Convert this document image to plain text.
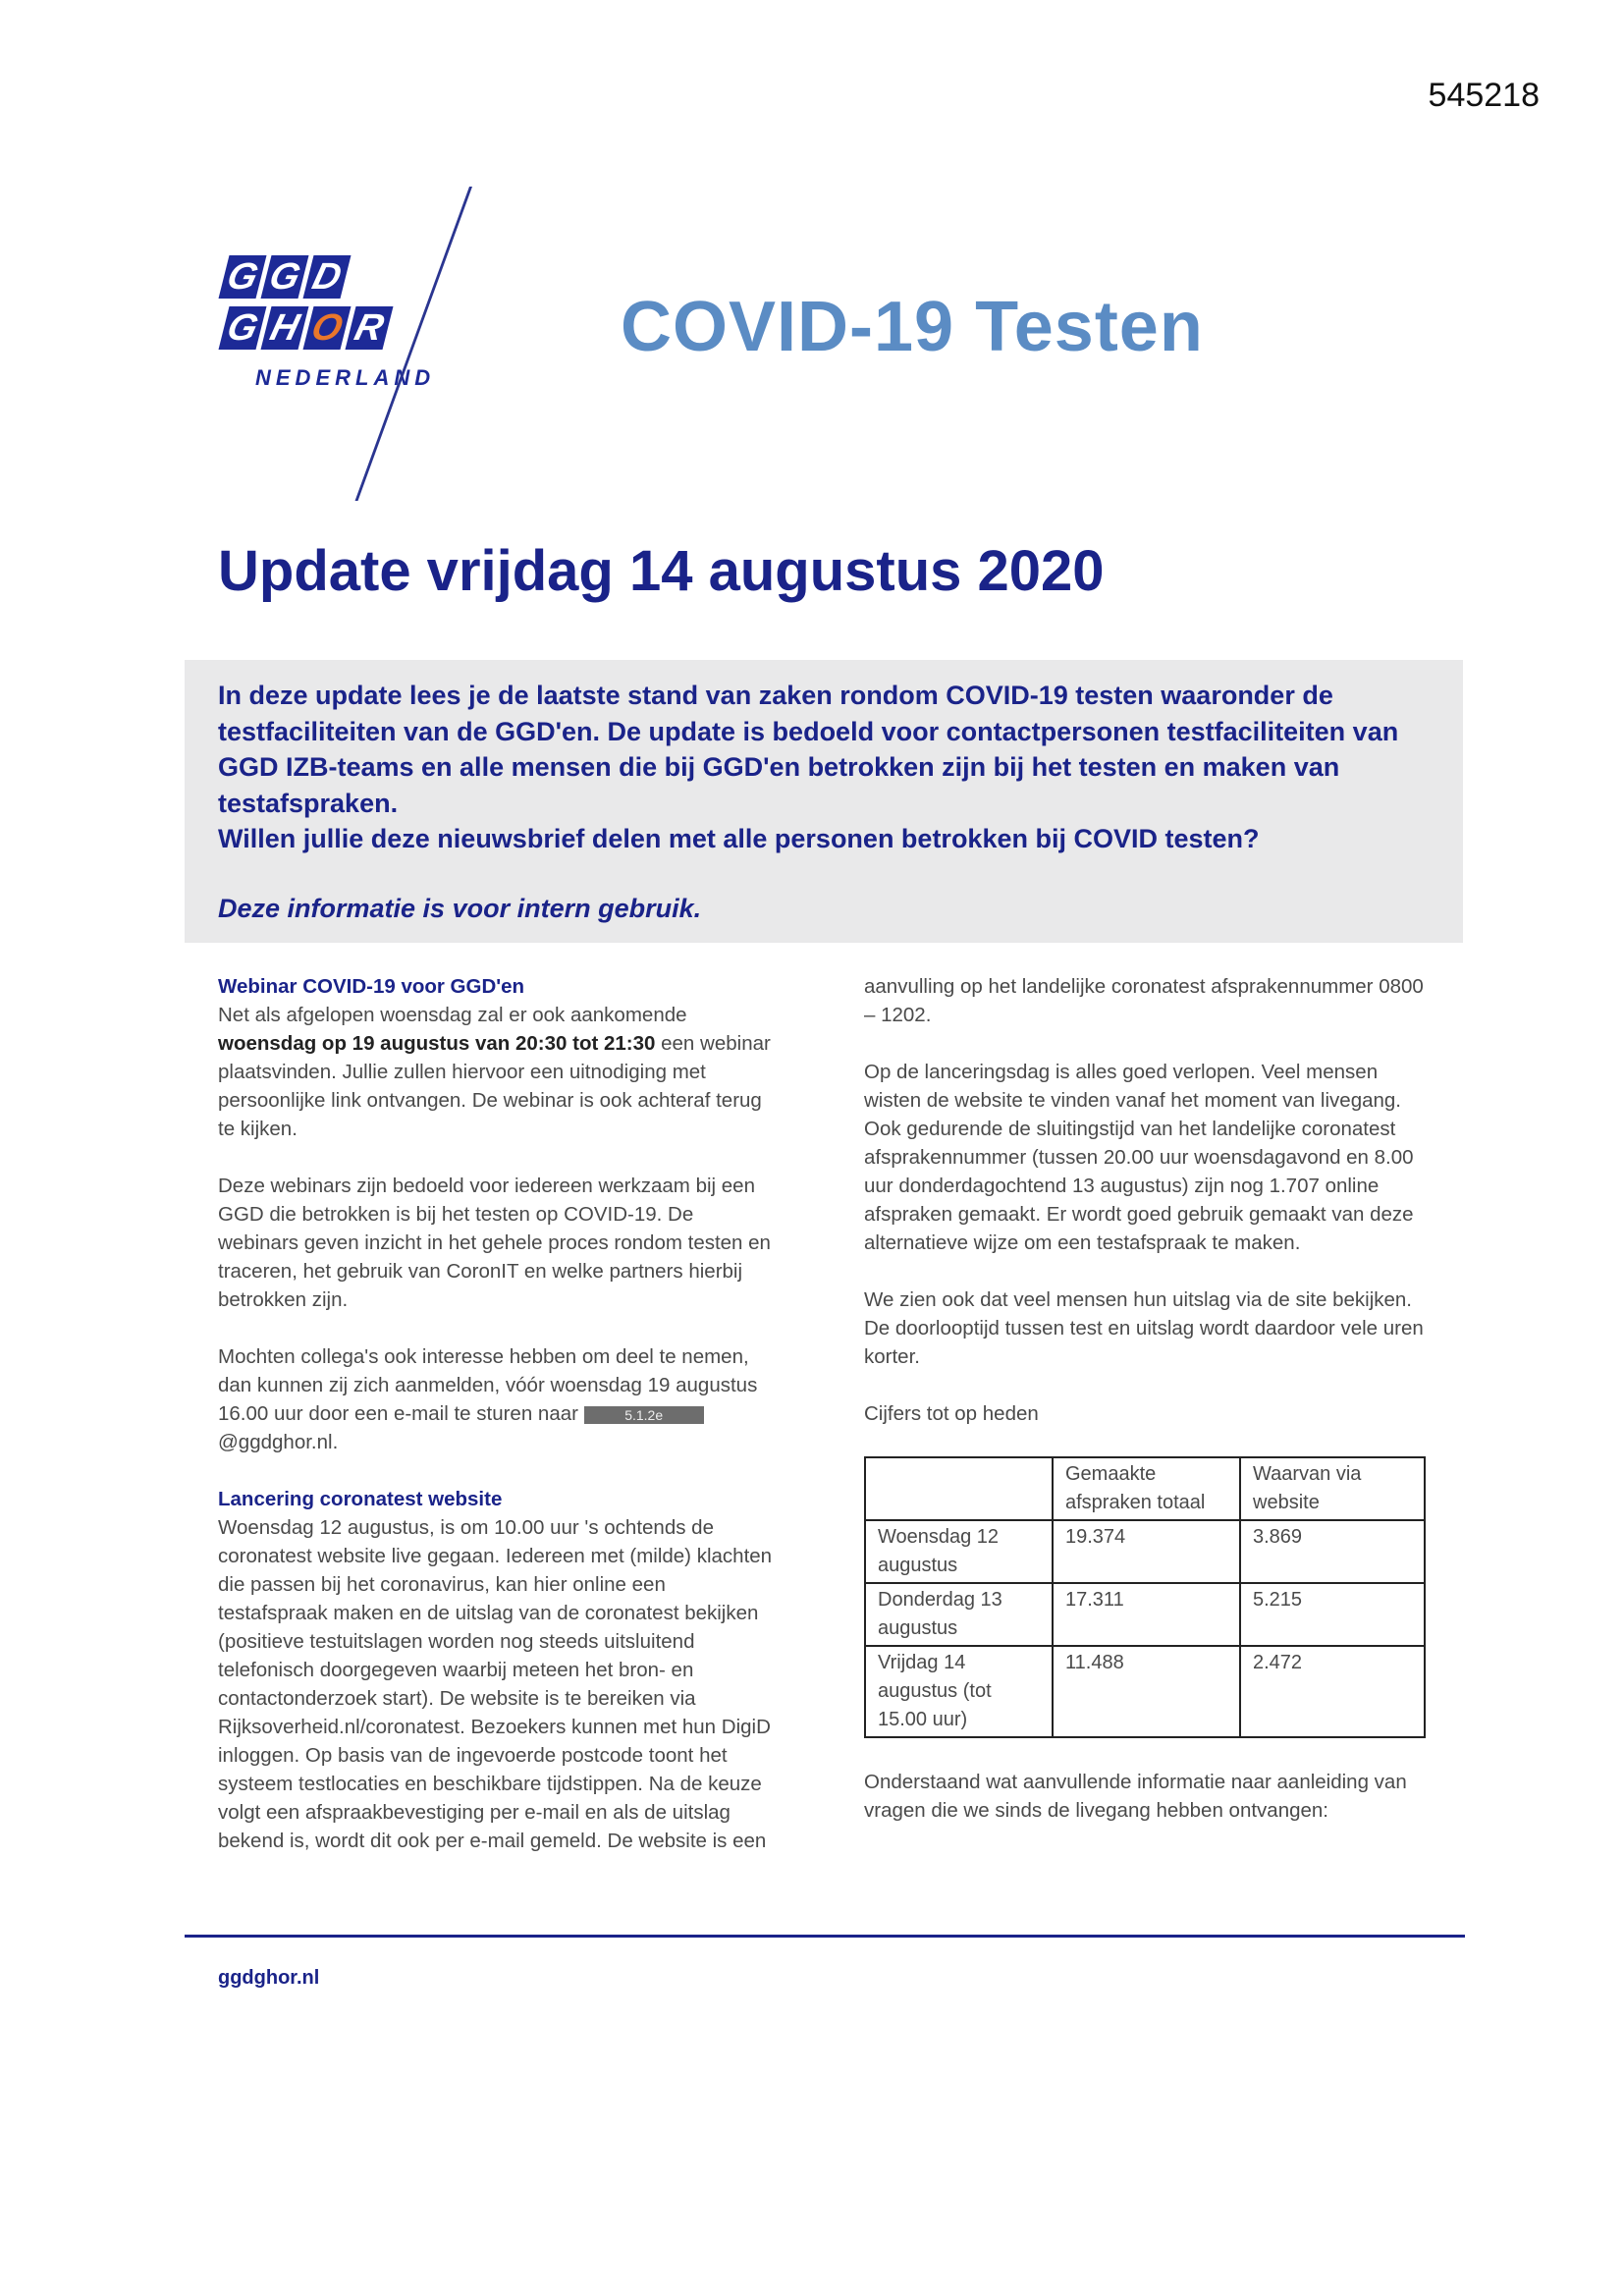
545218
G G D
G H O R
NEDERLAND
COVID-19 Testen
Update vrijdag 14 augustus 2020

In deze update lees je de laatste stand van zaken rondom COVID-19 testen waaronder de testfaciliteiten van de GGD'en. De update is bedoeld voor contactpersonen testfaciliteiten van GGD IZB-teams en alle mensen die bij GGD'en betrokken zijn bij het testen en maken van testafspraken.

Willen jullie deze nieuwsbrief delen met alle personen betrokken bij COVID testen?

Deze informatie is voor intern gebruik.

Webinar COVID-19 voor GGD'en

Net als afgelopen woensdag zal er ook aankomende woensdag op 19 augustus van 20:30 tot 21:30 een webinar plaatsvinden. Jullie zullen hiervoor een uitnodiging met persoonlijke link ontvangen. De webinar is ook achteraf terug te kijken.

Deze webinars zijn bedoeld voor iedereen werkzaam bij een GGD die betrokken is bij het testen op COVID-19. De webinars geven inzicht in het gehele proces rondom testen en traceren, het gebruik van CoronIT en welke partners hierbij betrokken zijn.

Mochten collega's ook interesse hebben om deel te nemen, dan kunnen zij zich aanmelden, vóór woensdag 19 augustus 16.00 uur door een e-mail te sturen naar	5.1.2e@ggdghor.nl.

Lancering coronatest website

Woensdag 12 augustus, is om 10.00 uur 's ochtends de coronatest website live gegaan. Iedereen met (milde) klachten die passen bij het coronavirus, kan hier online een testafspraak maken en de uitslag van de coronatest bekijken (positieve testuitslagen worden nog steeds uitsluitend telefonisch doorgegeven waarbij meteen het bron- en contactonderzoek start). De website is te bereiken via Rijksoverheid.nl/coronatest. Bezoekers kunnen met hun DigiD inloggen. Op basis van de ingevoerde postcode toont het systeem testlocaties en beschikbare tijdstippen. Na de keuze volgt een afspraakbevestiging per e-mail en als de uitslag bekend is, wordt dit ook per e-mail gemeld. De website is een

aanvulling op het landelijke coronatest afsprakennummer 0800 – 1202.

Op de lanceringsdag is alles goed verlopen. Veel mensen wisten de website te vinden vanaf het moment van livegang. Ook gedurende de sluitingstijd van het landelijke coronatest afsprakennummer (tussen 20.00 uur woensdagavond en 8.00 uur donderdagochtend 13 augustus) zijn nog 1.707 online afspraken gemaakt. Er wordt goed gebruik gemaakt van deze alternatieve wijze om een testafspraak te maken.

We zien ook dat veel mensen hun uitslag via de site bekijken. De doorlooptijd tussen test en uitslag wordt daardoor vele uren korter.

Cijfers tot op heden

	Gemaakte afspraken totaal	Waarvan via website
Woensdag 12 augustus	19.374	3.869
Donderdag 13 augustus	17.311	5.215
Vrijdag 14 augustus (tot 15.00 uur)	11.488	2.472

Onderstaand wat aanvullende informatie naar aanleiding van vragen die we sinds de livegang hebben ontvangen:

ggdghor.nl
